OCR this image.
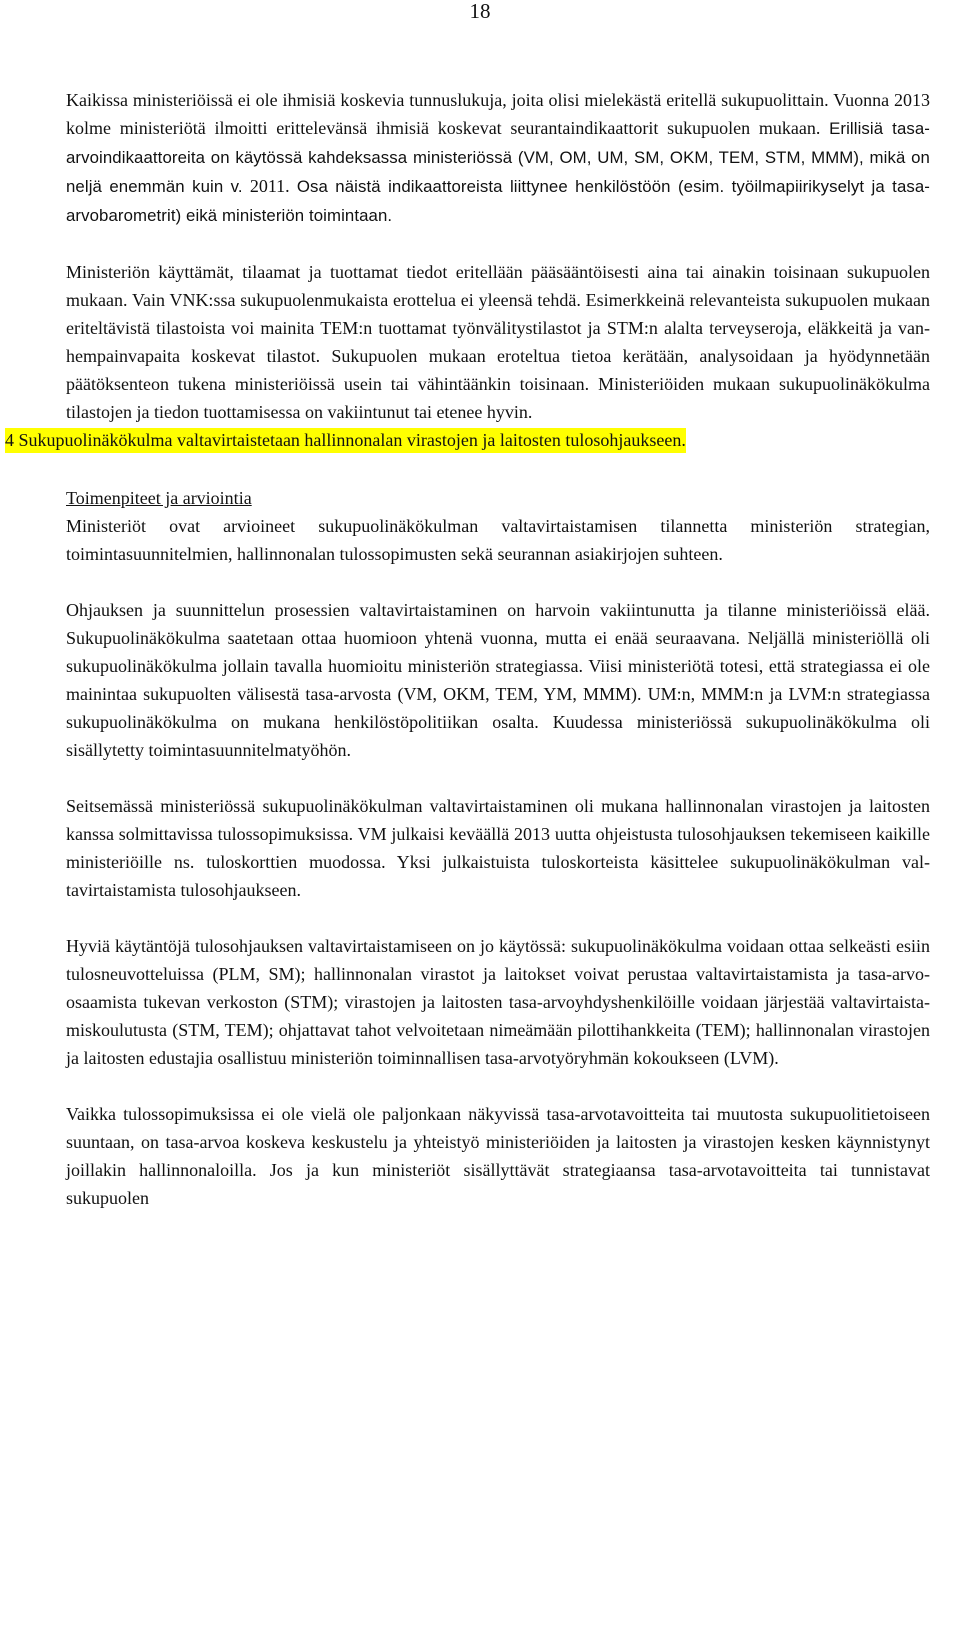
18

Kaikissa ministeriöissä ei ole ihmisiä koskevia tunnuslukuja, joita olisi mielekästä eritellä sukupuolittain. Vuonna 2013 kolme ministeriötä ilmoitti erittelevänsä ihmisiä koskevat seurantaindikaattorit sukupuolen mukaan. Erillisiä tasa-arvoindikaattoreita on käytössä kahdeksassa ministeriössä (VM, OM, UM, SM, OKM, TEM, STM, MMM), mikä on neljä enemmän kuin v. 2011. Osa näistä indikaattoreista liittynee henkilöstöön (esim. työilmapiirikyselyt ja tasa-arvobarometrit) eikä ministeriön toimintaan.

Ministeriön käyttämät, tilaamat ja tuottamat tiedot eritellään pääsääntöisesti aina tai ainakin toisinaan sukupuolen mukaan. Vain VNK:ssa sukupuolenmukaista erottelua ei yleensä tehdä. Esimerkkeinä relevanteista sukupuolen mukaan eriteltävistä tilastoista voi mainita TEM:n tuottamat työnvälitystilastot ja STM:n alalta terveyseroja, eläkkeitä ja vanhempainvapaita koskevat tilastot. Sukupuolen mukaan eroteltua tietoa kerätään, analysoidaan ja hyödynnetään päätöksenteon tukena ministeriöissä usein tai vähintäänkin toisinaan. Ministeriöiden mukaan sukupuolinäkökulma tilastojen ja tiedon tuottamisessa on vakiintunut tai etenee hyvin.

4 Sukupuolinäkökulma valtavirtaistetaan hallinnonalan virastojen ja laitosten tulosohjaukseen.
Toimenpiteet ja arviointia

Ministeriöt ovat arvioineet sukupuolinäkökulman valtavirtaistamisen tilannetta ministeriön strategian, toimintasuunnitelmien, hallinnonalan tulossopimusten sekä seurannan asiakirjojen suhteen.

Ohjauksen ja suunnittelun prosessien valtavirtaistaminen on harvoin vakiintunutta ja tilanne ministeriöissä elää. Sukupuolinäkökulma saatetaan ottaa huomioon yhtenä vuonna, mutta ei enää seuraavana. Neljällä ministeriöllä oli sukupuolinäkökulma jollain tavalla huomioitu ministeriön strategiassa. Viisi ministeriötä totesi, että strategiassa ei ole mainintaa sukupuolten välisestä tasa-arvosta (VM, OKM, TEM, YM, MMM). UM:n, MMM:n ja LVM:n strategiassa sukupuolinäkökulma on mukana henkilöstöpolitiikan osalta. Kuudessa ministeriössä sukupuolinäkökulma oli sisällytetty toimintasuunnitelmatyöhön.

Seitsemässä ministeriössä sukupuolinäkökulman valtavirtaistaminen oli mukana hallinnonalan virastojen ja laitosten kanssa solmittavissa tulossopimuksissa. VM julkaisi keväällä 2013 uutta ohjeistusta tulosohjauksen tekemiseen kaikille ministeriöille ns. tuloskorttien muodossa. Yksi julkaistuista tuloskorteista käsittelee sukupuolinäkökulman valtavirtaistamista tulosohjaukseen.

Hyviä käytäntöjä tulosohjauksen valtavirtaistamiseen on jo käytössä: sukupuolinäkökulma voidaan ottaa selkeästi esiin tulosneuvotteluissa (PLM, SM); hallinnonalan virastot ja laitokset voivat perustaa valtavirtaistamista ja tasa-arvo-osaamista tukevan verkoston (STM); virastojen ja laitosten tasa-arvoyhdyshenkilöille voidaan järjestää valtavirtaistamiskoulutusta (STM, TEM); ohjattavat tahot velvoitetaan nimeämään pilottihankkeita (TEM); hallinnonalan virastojen ja laitosten edustajia osallistuu ministeriön toiminnallisen tasa-arvotyöryhmän kokoukseen (LVM).

Vaikka tulossopimuksissa ei ole vielä ole paljonkaan näkyvissä tasa-arvotavoitteita tai muutosta sukupuolitietoiseen suuntaan, on tasa-arvoa koskeva keskustelu ja yhteistyö ministeriöiden ja laitosten ja virastojen kesken käynnistynyt joillakin hallinnonaloilla. Jos ja kun ministeriöt sisällyttävät strategiaansa tasa-arvotavoitteita tai tunnistavat sukupuolen
